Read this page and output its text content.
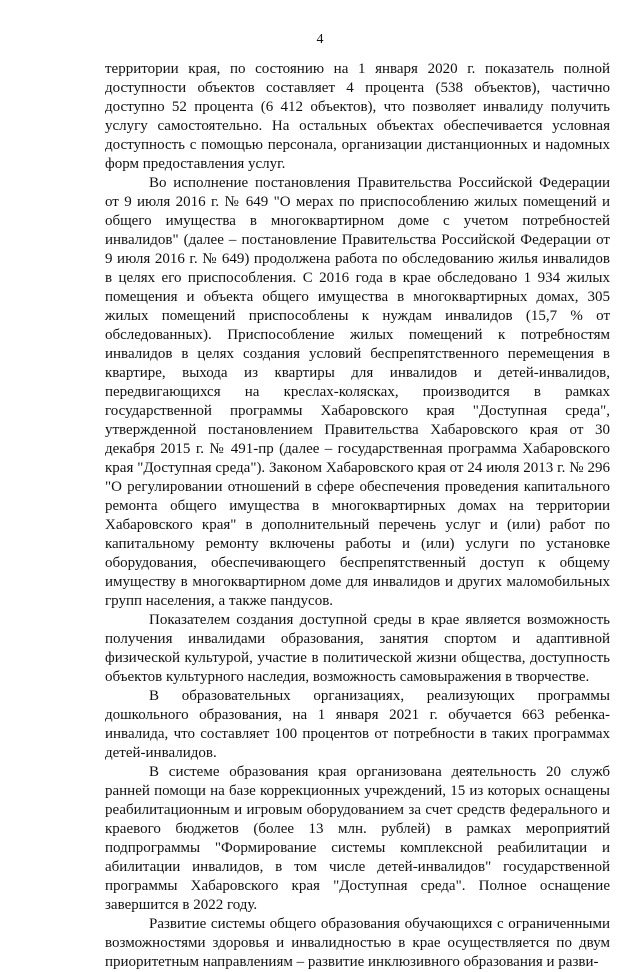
4

территории края, по состоянию на 1 января 2020 г. показатель полной доступности объектов составляет 4 процента (538 объектов), частично доступно 52 процента (6 412 объектов), что позволяет инвалиду получить услугу самостоятельно. На остальных объектах обеспечивается условная доступность с помощью персонала, организации дистанционных и надомных форм предоставления услуг.

Во исполнение постановления Правительства Российской Федерации от 9 июля 2016 г. № 649 "О мерах по приспособлению жилых помещений и общего имущества в многоквартирном доме с учетом потребностей инвалидов" (далее – постановление Правительства Российской Федерации от 9 июля 2016 г. № 649) продолжена работа по обследованию жилья инвалидов в целях его приспособления. С 2016 года в крае обследовано 1 934 жилых помещения и объекта общего имущества в многоквартирных домах, 305 жилых помещений приспособлены к нуждам инвалидов (15,7 % от обследованных). Приспособление жилых помещений к потребностям инвалидов в целях создания условий беспрепятственного перемещения в квартире, выхода из квартиры для инвалидов и детей-инвалидов, передвигающихся на креслах-колясках, производится в рамках государственной программы Хабаровского края "Доступная среда", утвержденной постановлением Правительства Хабаровского края от 30 декабря 2015 г. № 491-пр (далее – государственная программа Хабаровского края "Доступная среда"). Законом Хабаровского края от 24 июля 2013 г. № 296 "О регулировании отношений в сфере обеспечения проведения капитального ремонта общего имущества в многоквартирных домах на территории Хабаровского края" в дополнительный перечень услуг и (или) работ по капитальному ремонту включены работы и (или) услуги по установке оборудования, обеспечивающего беспрепятственный доступ к общему имуществу в многоквартирном доме для инвалидов и других маломобильных групп населения, а также пандусов.

Показателем создания доступной среды в крае является возможность получения инвалидами образования, занятия спортом и адаптивной физической культурой, участие в политической жизни общества, доступность объектов культурного наследия, возможность самовыражения в творчестве.

В образовательных организациях, реализующих программы дошкольного образования, на 1 января 2021 г. обучается 663 ребенка-инвалида, что составляет 100 процентов от потребности в таких программах детей-инвалидов.

В системе образования края организована деятельность 20 служб ранней помощи на базе коррекционных учреждений, 15 из которых оснащены реабилитационным и игровым оборудованием за счет средств федерального и краевого бюджетов (более 13 млн. рублей) в рамках мероприятий подпрограммы "Формирование системы комплексной реабилитации и абилитации инвалидов, в том числе детей-инвалидов" государственной программы Хабаровского края "Доступная среда". Полное оснащение завершится в 2022 году.

Развитие системы общего образования обучающихся с ограниченными возможностями здоровья и инвалидностью в крае осуществляется по двум приоритетным направлениям – развитие инклюзивного образования и разви-
